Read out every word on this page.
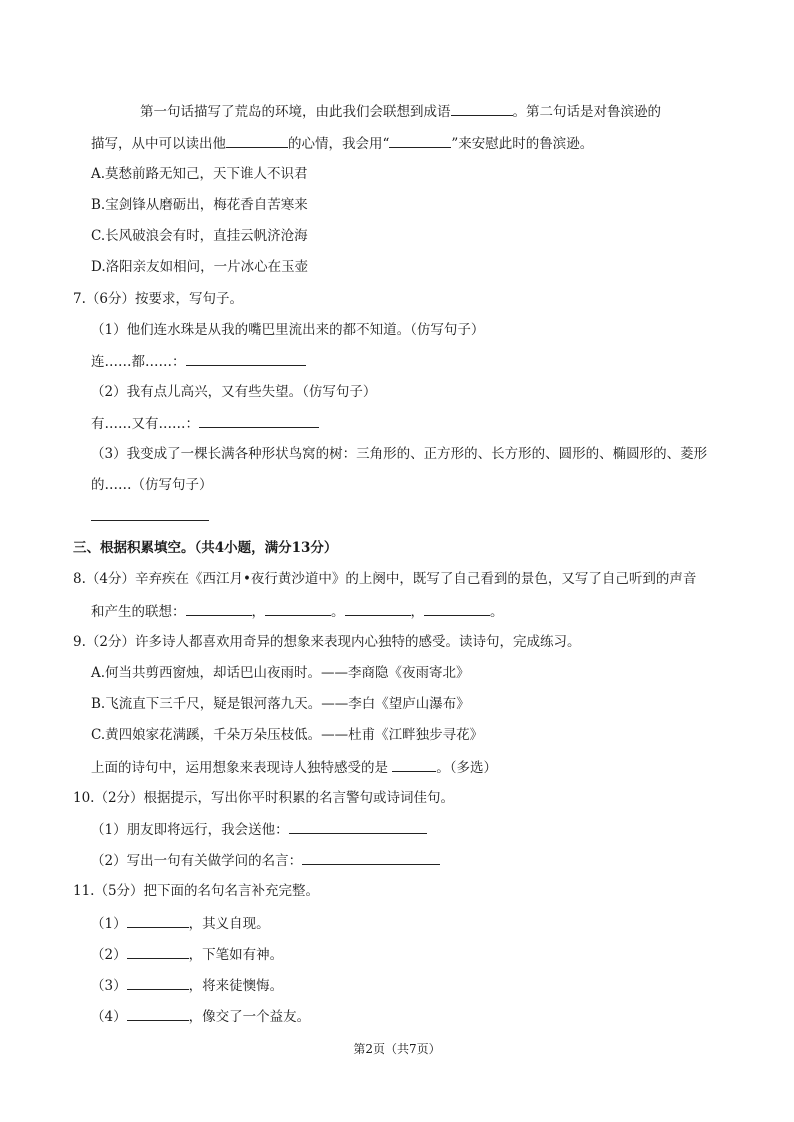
第一句话描写了荒岛的环境，由此我们会联想到成语	。第二句话是对鲁滨逊的
描写，从中可以读出他	的心情，我会用“	”来安慰此时的鲁滨逊。
A.莫愁前路无知己，天下谁人不识君
B.宝剑锋从磨砺出，梅花香自苦寒来
C.长风破浪会有时，直挂云帆济沧海
D.洛阳亲友如相问，一片冰心在玉壶
7.（6分）按要求，写句子。
（1）他们连水珠是从我的嘴巴里流出来的都不知道。（仿写句子）
连……都……：
（2）我有点儿高兴，又有些失望。（仿写句子）
有……又有……：
（3）我变成了一棵长满各种形状鸟窝的树：三角形的、正方形的、长方形的、圆形的、椭圆形的、菱形
的……（仿写句子）
三、根据积累填空。（共4小题，满分13分）
8.（4分）辛弃疾在《西江月•夜行黄沙道中》的上阕中，既写了自己看到的景色，又写了自己听到的声音
和产生的联想：	，	。	，	。
9.（2分）许多诗人都喜欢用奇异的想象来表现内心独特的感受。读诗句，完成练习。
A.何当共剪西窗烛，却话巴山夜雨时。——李商隐《夜雨寄北》
B.飞流直下三千尺，疑是银河落九天。——李白《望庐山瀑布》
C.黄四娘家花满蹊，千朵万朵压枝低。——杜甫《江畔独步寻花》
上面的诗句中，运用想象来表现诗人独特感受的是	。（多选）
10.（2分）根据提示，写出你平时积累的名言警句或诗词佳句。
（1）朋友即将远行，我会送他：
（2）写出一句有关做学问的名言：
11.（5分）把下面的名句名言补充完整。
（1）	，其义自现。
（2）	，下笔如有神。
（3）	，将来徒懊悔。
（4）	，像交了一个益友。
第2页（共7页）
